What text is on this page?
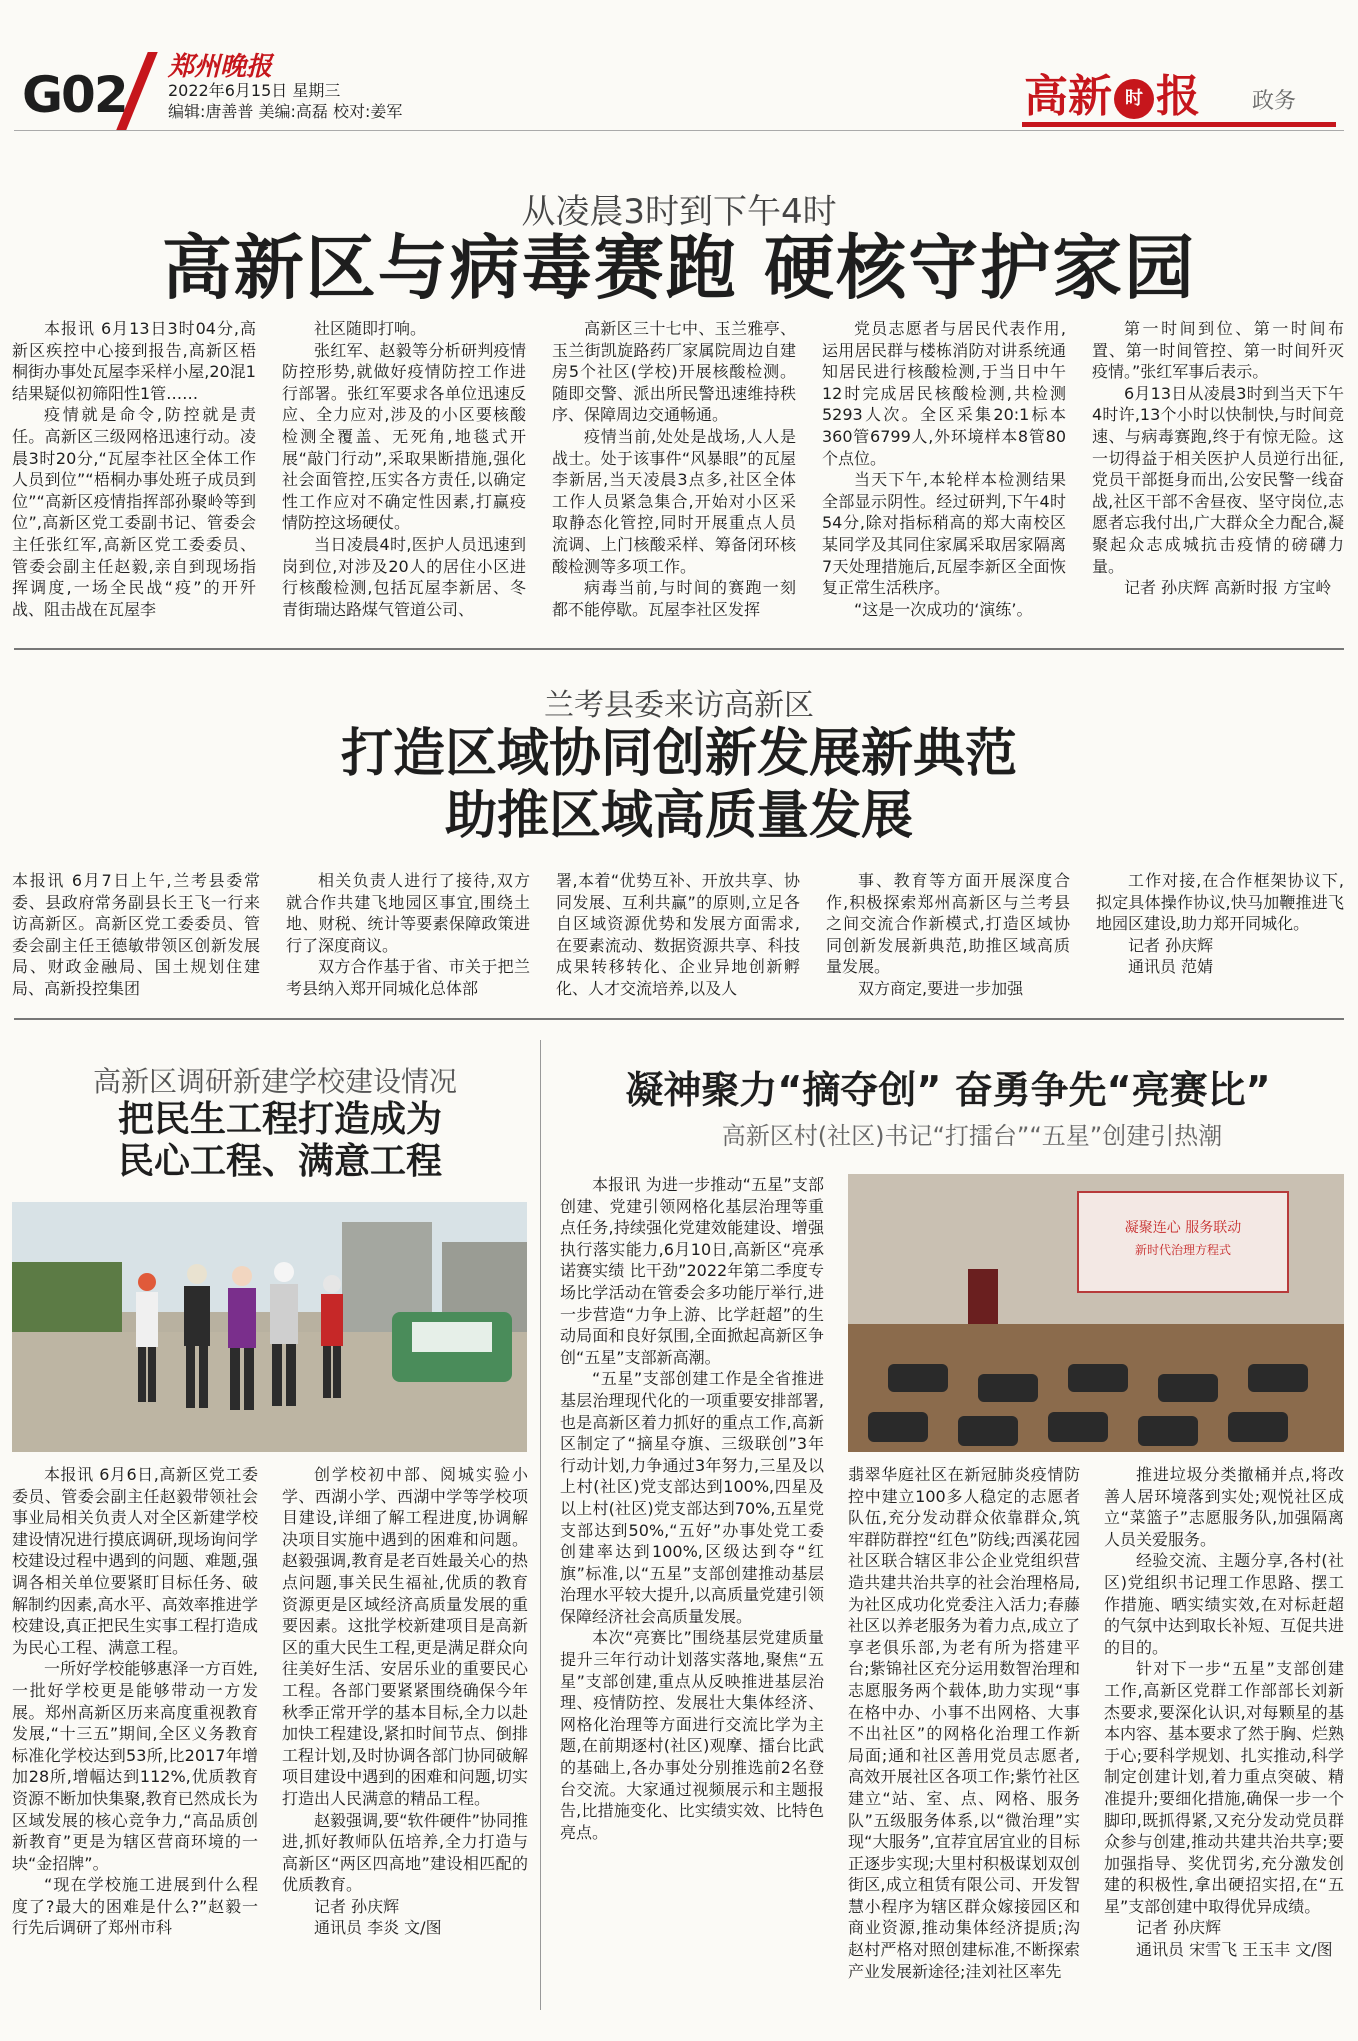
G02 郑州晚报
2022年6月15日 星期三
编辑:唐善普 美编:高磊 校对:姜军	高新 时 报 政务
从凌晨3时到下午4时
高新区与病毒赛跑 硬核守护家园

本报讯 6月13日3时04分,高新区疾控中心接到报告,高新区梧桐街办事处瓦屋李采样小屋,20混1结果疑似初筛阳性1管……

疫情就是命令,防控就是责任。高新区三级网格迅速行动。凌晨3时20分,“瓦屋李社区全体工作人员到位”“梧桐办事处班子成员到位”“高新区疫情指挥部孙聚岭等到位”,高新区党工委副书记、管委会主任张红军,高新区党工委委员、管委会副主任赵毅,亲自到现场指挥调度,一场全民战“疫”的开歼战、阻击战在瓦屋李

社区随即打响。

张红军、赵毅等分析研判疫情防控形势,就做好疫情防控工作进行部署。张红军要求各单位迅速反应、全力应对,涉及的小区要核酸检测全覆盖、无死角,地毯式开展“敲门行动”,采取果断措施,强化社会面管控,压实各方责任,以确定性工作应对不确定性因素,打赢疫情防控这场硬仗。

当日凌晨4时,医护人员迅速到岗到位,对涉及20人的居住小区进行核酸检测,包括瓦屋李新居、冬青街瑞达路煤气管道公司、

高新区三十七中、玉兰雅亭、玉兰街凯旋路药厂家属院周边自建房5个社区(学校)开展核酸检测。随即交警、派出所民警迅速维持秩序、保障周边交通畅通。

疫情当前,处处是战场,人人是战士。处于该事件“风暴眼”的瓦屋李新居,当天凌晨3点多,社区全体工作人员紧急集合,开始对小区采取静态化管控,同时开展重点人员流调、上门核酸采样、筹备闭环核酸检测等多项工作。

病毒当前,与时间的赛跑一刻都不能停歇。瓦屋李社区发挥

党员志愿者与居民代表作用,运用居民群与楼栋消防对讲系统通知居民进行核酸检测,于当日中午12时完成居民核酸检测,共检测5293人次。全区采集20:1标本360管6799人,外环境样本8管80个点位。

当天下午,本轮样本检测结果全部显示阴性。经过研判,下午4时54分,除对指标稍高的郑大南校区某同学及其同住家属采取居家隔离7天处理措施后,瓦屋李新区全面恢复正常生活秩序。

“这是一次成功的‘演练’。

第一时间到位、第一时间布置、第一时间管控、第一时间歼灭疫情。”张红军事后表示。

6月13日从凌晨3时到当天下午4时许,13个小时以快制快,与时间竞速、与病毒赛跑,终于有惊无险。这一切得益于相关医护人员逆行出征,党员干部挺身而出,公安民警一线奋战,社区干部不舍昼夜、坚守岗位,志愿者忘我付出,广大群众全力配合,凝聚起众志成城抗击疫情的磅礴力量。

记者 孙庆辉 高新时报 方宝岭

兰考县委来访高新区
打造区域协同创新发展新典范
助推区域高质量发展
本报讯 6月7日上午,兰考县委常委、县政府常务副县长王飞一行来访高新区。高新区党工委委员、管委会副主任王德敏带领区创新发展局、财政金融局、国土规划住建局、高新投控集团

相关负责人进行了接待,双方就合作共建飞地园区事宜,围绕土地、财税、统计等要素保障政策进行了深度商议。

双方合作基于省、市关于把兰考县纳入郑开同城化总体部

署,本着“优势互补、开放共享、协同发展、互利共赢”的原则,立足各自区域资源优势和发展方面需求,在要素流动、数据资源共享、科技成果转移转化、企业异地创新孵化、人才交流培养,以及人

事、教育等方面开展深度合作,积极探索郑州高新区与兰考县之间交流合作新模式,打造区域协同创新发展新典范,助推区域高质量发展。

双方商定,要进一步加强

工作对接,在合作框架协议下,拟定具体操作协议,快马加鞭推进飞地园区建设,助力郑开同城化。

记者 孙庆辉

通讯员 范婧

高新区调研新建学校建设情况
把民生工程打造成为
民心工程、满意工程

本报讯 6月6日,高新区党工委委员、管委会副主任赵毅带领社会事业局相关负责人对全区新建学校建设情况进行摸底调研,现场询问学校建设过程中遇到的问题、难题,强调各相关单位要紧盯目标任务、破解制约因素,高水平、高效率推进学校建设,真正把民生实事工程打造成为民心工程、满意工程。

一所好学校能够惠泽一方百姓,一批好学校更是能够带动一方发展。郑州高新区历来高度重视教育发展,“十三五”期间,全区义务教育标准化学校达到53所,比2017年增加28所,增幅达到112%,优质教育资源不断加快集聚,教育已然成长为区域发展的核心竞争力,“高品质创新教育”更是为辖区营商环境的一块“金招牌”。

“现在学校施工进展到什么程度了?最大的困难是什么?”赵毅一行先后调研了郑州市科

创学校初中部、阅城实验小学、西湖小学、西湖中学等学校项目建设,详细了解工程进度,协调解决项目实施中遇到的困难和问题。赵毅强调,教育是老百姓最关心的热点问题,事关民生福祉,优质的教育资源更是区域经济高质量发展的重要因素。这批学校新建项目是高新区的重大民生工程,更是满足群众向往美好生活、安居乐业的重要民心工程。各部门要紧紧围绕确保今年秋季正常开学的基本目标,全力以赴加快工程建设,紧扣时间节点、倒排工程计划,及时协调各部门协同破解项目建设中遇到的困难和问题,切实打造出人民满意的精品工程。

赵毅强调,要“软件硬件”协同推进,抓好教师队伍培养,全力打造与高新区“两区四高地”建设相匹配的优质教育。

记者 孙庆辉

通讯员 李炎 文/图

凝神聚力“摘夺创” 奋勇争先“亮赛比”
高新区村(社区)书记“打擂台”“五星”创建引热潮
凝聚连心 服务联动
新时代治理方程式

本报讯 为进一步推动“五星”支部创建、党建引领网格化基层治理等重点任务,持续强化党建效能建设、增强执行落实能力,6月10日,高新区“亮承诺赛实绩 比干劲”2022年第二季度专场比学活动在管委会多功能厅举行,进一步营造“力争上游、比学赶超”的生动局面和良好氛围,全面掀起高新区争创“五星”支部新高潮。

“五星”支部创建工作是全省推进基层治理现代化的一项重要安排部署,也是高新区着力抓好的重点工作,高新区制定了“摘星夺旗、三级联创”3年行动计划,力争通过3年努力,三星及以上村(社区)党支部达到100%,四星及以上村(社区)党支部达到70%,五星党支部达到50%,“五好”办事处党工委创建率达到100%,区级达到夺“红旗”标准,以“五星”支部创建推动基层治理水平较大提升,以高质量党建引领保障经济社会高质量发展。

本次“亮赛比”围绕基层党建质量提升三年行动计划落实落地,聚焦“五星”支部创建,重点从反映推进基层治理、疫情防控、发展壮大集体经济、网格化治理等方面进行交流比学为主题,在前期逐村(社区)观摩、擂台比武的基础上,各办事处分别推选前2名登台交流。大家通过视频展示和主题报告,比措施变化、比实绩实效、比特色亮点。

翡翠华庭社区在新冠肺炎疫情防控中建立100多人稳定的志愿者队伍,充分发动群众依靠群众,筑牢群防群控“红色”防线;西溪花园社区联合辖区非公企业党组织营造共建共治共享的社会治理格局,为社区成功化党委注入活力;春藤社区以养老服务为着力点,成立了享老俱乐部,为老有所为搭建平台;紫锦社区充分运用数智治理和志愿服务两个载体,助力实现“事在格中办、小事不出网格、大事不出社区”的网格化治理工作新局面;通和社区善用党员志愿者,高效开展社区各项工作;紫竹社区建立“站、室、点、网格、服务队”五级服务体系,以“微治理”实现“大服务”,宜荐宜居宜业的目标正逐步实现;大里村积极谋划双创街区,成立租赁有限公司、开发智慧小程序为辖区群众嫁接园区和商业资源,推动集体经济提质;沟赵村严格对照创建标准,不断探索产业发展新途径;洼刘社区率先

推进垃圾分类撤桶并点,将改善人居环境落到实处;观悦社区成立“菜篮子”志愿服务队,加强隔离人员关爱服务。

经验交流、主题分享,各村(社区)党组织书记理工作思路、摆工作措施、晒实绩实效,在对标赶超的气氛中达到取长补短、互促共进的目的。

针对下一步“五星”支部创建工作,高新区党群工作部部长刘新杰要求,要深化认识,对每颗星的基本内容、基本要求了然于胸、烂熟于心;要科学规划、扎实推动,科学制定创建计划,着力重点突破、精准提升;要细化措施,确保一步一个脚印,既抓得紧,又充分发动党员群众参与创建,推动共建共治共享;要加强指导、奖优罚劣,充分激发创建的积极性,拿出硬招实招,在“五星”支部创建中取得优异成绩。

记者 孙庆辉

通讯员 宋雪飞 王玉丰 文/图
